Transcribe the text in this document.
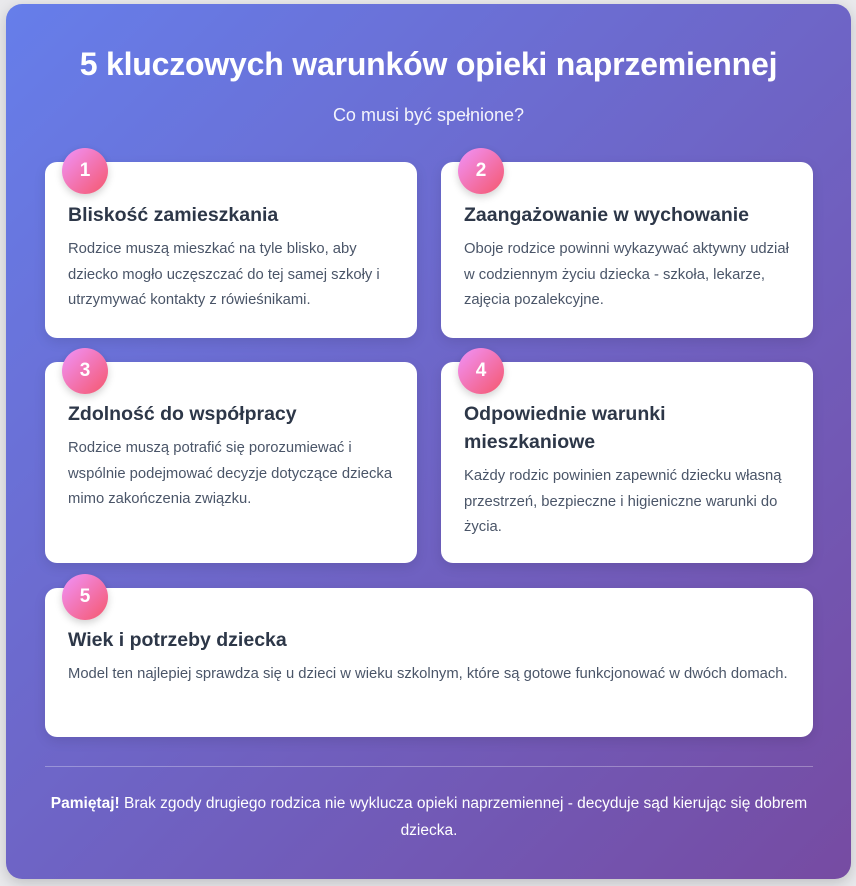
5 kluczowych warunków opieki naprzemiennej

Co musi być spełnione?

1
Bliskość zamieszkania

Rodzice muszą mieszkać na tyle blisko, aby dziecko mogło uczęszczać do tej samej szkoły i utrzymywać kontakty z rówieśnikami.

2
Zaangażowanie w wychowanie

Oboje rodzice powinni wykazywać aktywny udział w codziennym życiu dziecka - szkoła, lekarze, zajęcia pozalekcyjne.

3
Zdolność do współpracy

Rodzice muszą potrafić się porozumiewać i wspólnie podejmować decyzje dotyczące dziecka mimo zakończenia związku.

4
Odpowiednie warunki mieszkaniowe

Każdy rodzic powinien zapewnić dziecku własną przestrzeń, bezpieczne i higieniczne warunki do życia.

5
Wiek i potrzeby dziecka

Model ten najlepiej sprawdza się u dzieci w wieku szkolnym, które są gotowe funkcjonować w dwóch domach.

Pamiętaj! Brak zgody drugiego rodzica nie wyklucza opieki naprzemiennej - decyduje sąd kierując się dobrem dziecka.
